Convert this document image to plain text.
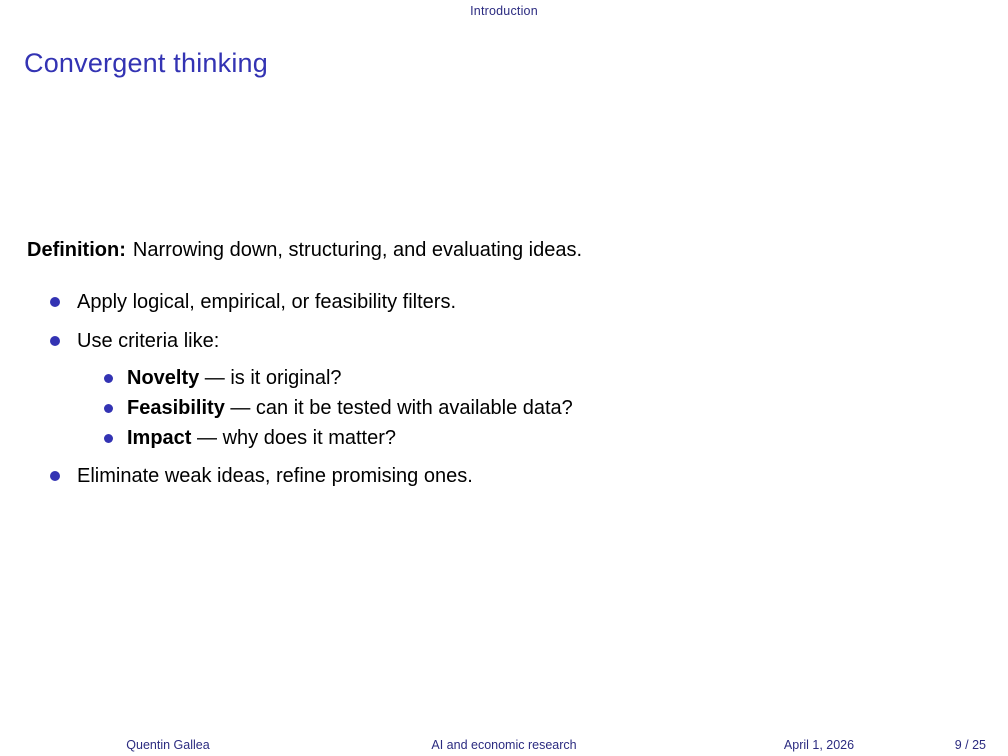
Introduction
Convergent thinking
Definition: Narrowing down, structuring, and evaluating ideas.
Apply logical, empirical, or feasibility filters.
Use criteria like:
Novelty — is it original?
Feasibility — can it be tested with available data?
Impact — why does it matter?
Eliminate weak ideas, refine promising ones.
Quentin Gallea	AI and economic research	April 1, 2026	9 / 25
